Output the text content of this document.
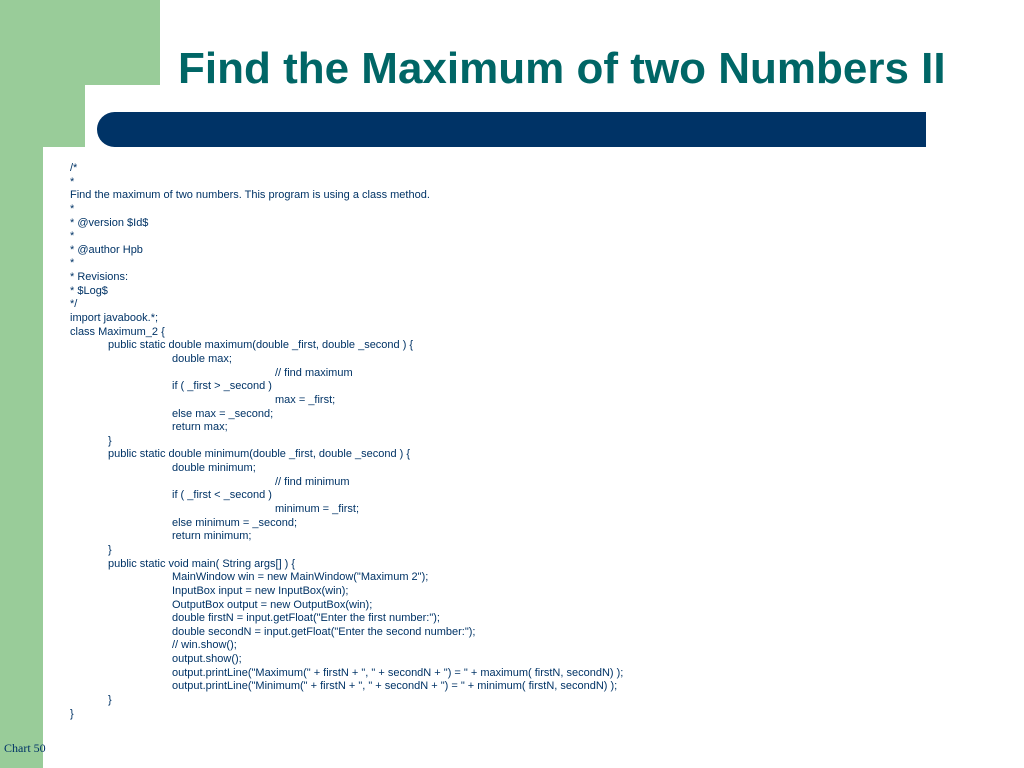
Find the Maximum of two Numbers II
/*
*
Find the maximum of two numbers. This program is using a class method.
*
* @version $Id$
*
* @author Hpb
*
* Revisions:
* $Log$
*/
import javabook.*;
class Maximum_2 {
public static double maximum(double _first, double _second ) {
double max;
// find maximum
if ( _first > _second )
max = _first;
else max = _second;
return max;
}
public static double minimum(double _first, double _second ) {
double minimum;
// find minimum
if ( _first < _second )
minimum = _first;
else minimum = _second;
return minimum;
}
public static void main( String args[] ) {
MainWindow win = new MainWindow("Maximum 2");
InputBox input = new InputBox(win);
OutputBox output = new OutputBox(win);
double firstN = input.getFloat("Enter the first number:");
double secondN = input.getFloat("Enter the second number:");
// win.show();
output.show();
output.printLine("Maximum(" + firstN + ", " + secondN + ") = " + maximum( firstN, secondN) );
output.printLine("Minimum(" + firstN + ", " + secondN + ") = " + minimum( firstN, secondN) );
}
}
Chart 50
